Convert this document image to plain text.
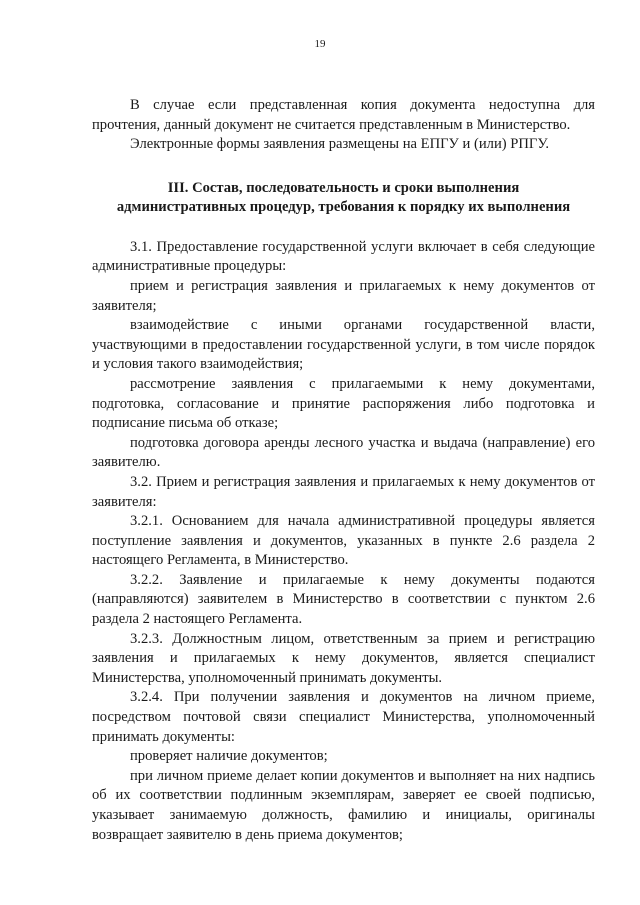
19

В случае если представленная копия документа недоступна для прочтения, данный документ не считается представленным в Министерство.

Электронные формы заявления размещены на ЕПГУ и (или) РПГУ.

III. Состав, последовательность и сроки выполнения административных процедур, требования к порядку их выполнения

3.1. Предоставление государственной услуги включает в себя следующие административные процедуры:

прием и регистрация заявления и прилагаемых к нему документов от заявителя;

взаимодействие с иными органами государственной власти, участвующими в предоставлении государственной услуги, в том числе порядок и условия такого взаимодействия;

рассмотрение заявления с прилагаемыми к нему документами, подготовка, согласование и принятие распоряжения либо подготовка и подписание письма об отказе;

подготовка договора аренды лесного участка и выдача (направление) его заявителю.

3.2. Прием и регистрация заявления и прилагаемых к нему документов от заявителя:

3.2.1. Основанием для начала административной процедуры является поступление заявления и документов, указанных в пункте 2.6 раздела 2 настоящего Регламента, в Министерство.

3.2.2. Заявление и прилагаемые к нему документы подаются (направляются) заявителем в Министерство в соответствии с пунктом 2.6 раздела 2 настоящего Регламента.

3.2.3. Должностным лицом, ответственным за прием и регистрацию заявления и прилагаемых к нему документов, является специалист Министерства, уполномоченный принимать документы.

3.2.4. При получении заявления и документов на личном приеме, посредством почтовой связи специалист Министерства, уполномоченный принимать документы:

проверяет наличие документов;

при личном приеме делает копии документов и выполняет на них надпись об их соответствии подлинным экземплярам, заверяет ее своей подписью, указывает занимаемую должность, фамилию и инициалы, оригиналы возвращает заявителю в день приема документов;
